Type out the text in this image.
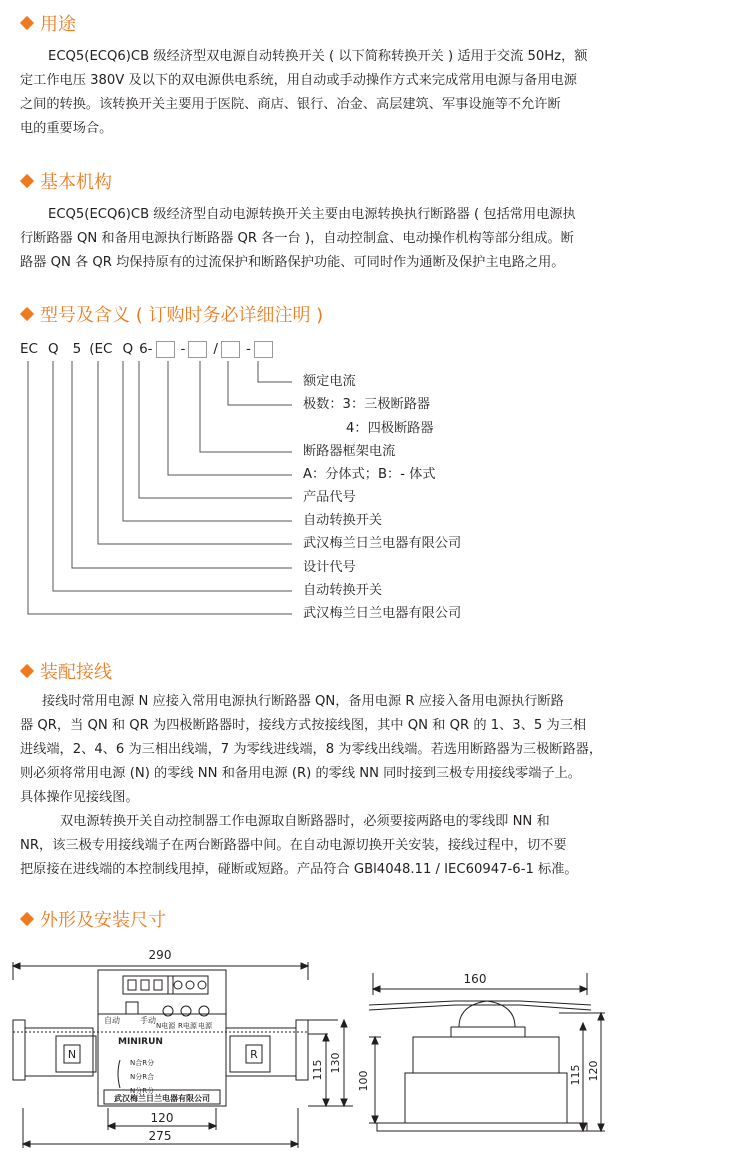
用途
ECQ5(ECQ6)CB 级经济型双电源自动转换开关 ( 以下简称转换开关 ) 适用于交流 50Hz，额
定工作电压 380V 及以下的双电源供电系统，用自动或手动操作方式来完成常用电源与备用电源
之间的转换。该转换开关主要用于医院、商店、银行、冶金、高层建筑、军事设施等不允许断
电的重要场合。
基本机构
ECQ5(ECQ6)CB 级经济型自动电源转换开关主要由电源转换执行断路器 ( 包括常用电源执
行断路器 QN 和备用电源执行断路器 QR 各一台 )，自动控制盒、电动操作机构等部分组成。断
路器 QN 各 QR 均保持原有的过流保护和断路保护功能、可同时作为通断及保护主电路之用。
型号及含义 ( 订购时务必详细注明 )
EC Q 5 (EC Q 6 - - / -
额定电流
极数：3：三极断路器
4：四极断路器
断路器框架电流
A：分体式；B：- 体式
产品代号
自动转换开关
武汉梅兰日兰电器有限公司
设计代号
自动转换开关
武汉梅兰日兰电器有限公司
装配接线
接线时常用电源 N 应接入常用电源执行断路器 QN，备用电源 R 应接入备用电源执行断路
器 QR，当 QN 和 QR 为四极断路器时，接线方式按接线图，其中 QN 和 QR 的 1、3、5 为三相
进线端，2、4、6 为三相出线端，7 为零线进线端，8 为零线出线端。若选用断路器为三极断路器，
则必须将常用电源 (N) 的零线 NN 和备用电源 (R) 的零线 NN 同时接到三极专用接线零端子上。
具体操作见接线图。
双电源转换开关自动控制器工作电源取自断路器时，必须要接两路电的零线即 NN 和
NR，该三极专用接线端子在两台断路器中间。在自动电源切换开关安装，接线过程中，切不要
把原接在进线端的本控制线甩掉，碰断或短路。产品符合 GBl4048.11 / IEC60947-6-1 标准。
外形及安装尺寸
290
120
275
115 130
自动	手动
N电源 R电源 电源
MINIRUN
N合R分
N分R合
N分R分
武汉梅兰日兰电器有限公司
N	R
160
100	115 120
